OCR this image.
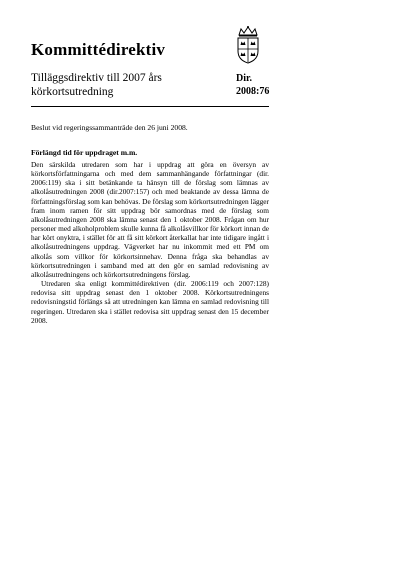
Kommittédirektiv
Tilläggsdirektiv till 2007 års
körkortsutredning
Dir.
2008:76
Beslut vid regeringssammanträde den 26 juni 2008.
Förlängd tid för uppdraget m.m.

Den särskilda utredaren som har i uppdrag att göra en översyn av körkortsförfattningarna och med dem sammanhängande författningar (dir. 2006:119) ska i sitt betänkande ta hänsyn till de förslag som lämnas av alkolåsutredningen 2008 (dir.2007:157) och med beaktande av dessa lämna de författningsförslag som kan behövas. De förslag som körkortsutredningen lägger fram inom ramen för sitt uppdrag bör samordnas med de förslag som alkolåsutredningen 2008 ska lämna senast den 1 oktober 2008. Frågan om hur personer med alkoholproblem skulle kunna få alkolåsvillkor för körkort innan de har kört onyktra, i stället för att få sitt körkort återkallat har inte tidigare ingått i alkolåsutredningens uppdrag. Vägverket har nu inkommit med ett PM om alkolås som villkor för körkortsinnehav. Denna fråga ska behandlas av körkortsutredningen i samband med att den gör en samlad redovisning av alkolåsutredningens och körkortsutredningens förslag.

Utredaren ska enligt kommittédirektiven (dir. 2006:119 och 2007:128) redovisa sitt uppdrag senast den 1 oktober 2008. Körkortsutredningens redovisningstid förlängs så att utredningen kan lämna en samlad redovisning till regeringen. Utredaren ska i stället redovisa sitt uppdrag senast den 15 december 2008.
